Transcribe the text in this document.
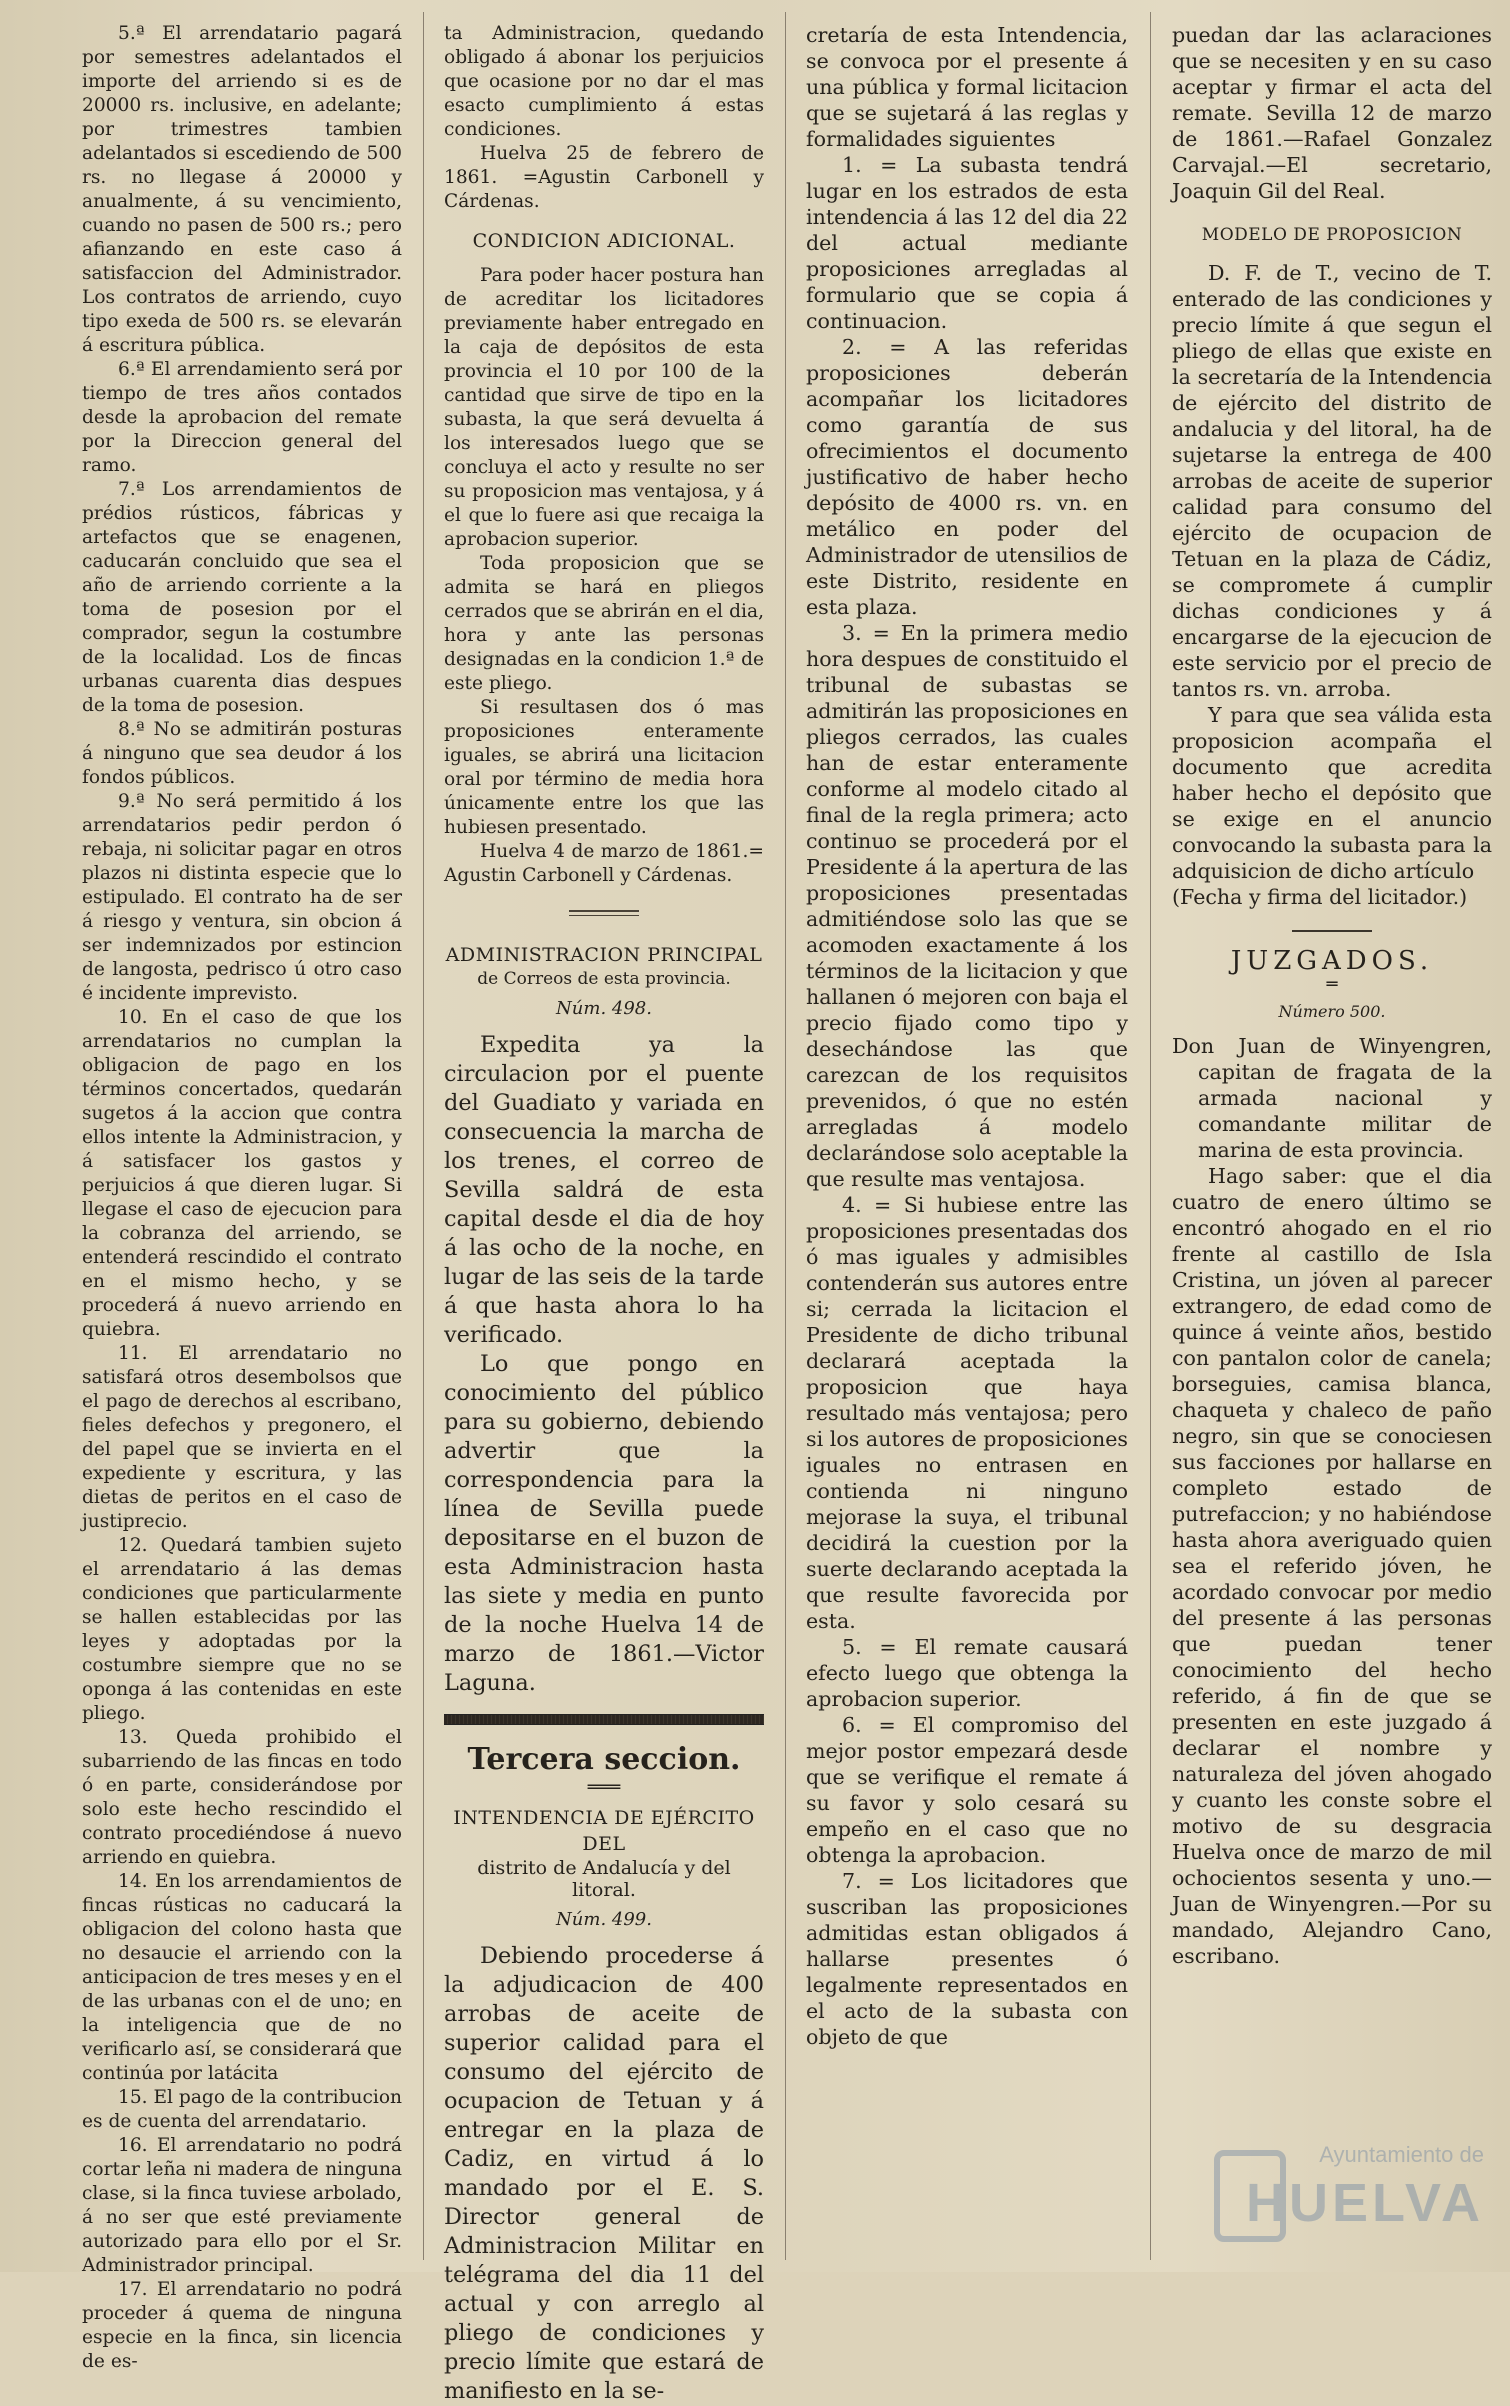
5.ª El arrendatario pagará por semestres adelantados el importe del arriendo si es de 20000 rs. inclusive, en adelante; por trimestres tambien adelantados si escediendo de 500 rs. no llegase á 20000 y anualmente, á su vencimiento, cuando no pasen de 500 rs.; pero afianzando en este caso á satisfaccion del Administrador. Los contratos de arriendo, cuyo tipo exeda de 500 rs. se elevarán á escritura pública.

6.ª El arrendamiento será por tiempo de tres años contados desde la aprobacion del remate por la Direccion general del ramo.

7.ª Los arrendamientos de prédios rústicos, fábricas y artefactos que se enagenen, caducarán concluido que sea el año de arriendo corriente a la toma de posesion por el comprador, segun la costumbre de la localidad. Los de fincas urbanas cuarenta dias despues de la toma de posesion.

8.ª No se admitirán posturas á ninguno que sea deudor á los fondos públicos.

9.ª No será permitido á los arrendatarios pedir perdon ó rebaja, ni solicitar pagar en otros plazos ni distinta especie que lo estipulado. El contrato ha de ser á riesgo y ventura, sin obcion á ser indemnizados por estincion de langosta, pedrisco ú otro caso é incidente imprevisto.

10. En el caso de que los arrendatarios no cumplan la obligacion de pago en los términos concertados, quedarán sugetos á la accion que contra ellos intente la Administracion, y á satisfacer los gastos y perjuicios á que dieren lugar. Si llegase el caso de ejecucion para la cobranza del arriendo, se entenderá rescindido el contrato en el mismo hecho, y se procederá á nuevo arriendo en quiebra.

11. El arrendatario no satisfará otros desembolsos que el pago de derechos al escribano, fieles defechos y pregonero, el del papel que se invierta en el expediente y escritura, y las dietas de peritos en el caso de justiprecio.

12. Quedará tambien sujeto el arrendatario á las demas condiciones que particularmente se hallen establecidas por las leyes y adoptadas por la costumbre siempre que no se oponga á las contenidas en este pliego.

13. Queda prohibido el subarriendo de las fincas en todo ó en parte, considerándose por solo este hecho rescindido el contrato procediéndose á nuevo arriendo en quiebra.

14. En los arrendamientos de fincas rústicas no caducará la obligacion del colono hasta que no desaucie el arriendo con la anticipacion de tres meses y en el de las urbanas con el de uno; en la inteligencia que de no verificarlo así, se considerará que continúa por latácita

15. El pago de la contribucion es de cuenta del arrendatario.

16. El arrendatario no podrá cortar leña ni madera de ninguna clase, si la finca tuviese arbolado, á no ser que esté previamente autorizado para ello por el Sr. Administrador principal.

17. El arrendatario no podrá proceder á quema de ninguna especie en la finca, sin licencia de es-

ta Administracion, quedando obligado á abonar los perjuicios que ocasione por no dar el mas esacto cumplimiento á estas condiciones.

Huelva 25 de febrero de 1861. =Agustin Carbonell y Cárdenas.

CONDICION ADICIONAL.

Para poder hacer postura han de acreditar los licitadores previamente haber entregado en la caja de depósitos de esta provincia el 10 por 100 de la cantidad que sirve de tipo en la subasta, la que será devuelta á los interesados luego que se concluya el acto y resulte no ser su proposicion mas ventajosa, y á el que lo fuere asi que recaiga la aprobacion superior.

Toda proposicion que se admita se hará en pliegos cerrados que se abrirán en el dia, hora y ante las personas designadas en la condicion 1.ª de este pliego.

Si resultasen dos ó mas proposiciones enteramente iguales, se abrirá una licitacion oral por término de media hora únicamente entre los que las hubiesen presentado.

Huelva 4 de marzo de 1861.= Agustin Carbonell y Cárdenas.

ADMINISTRACION PRINCIPAL
de Correos de esta provincia.
Núm. 498.

Expedita ya la circulacion por el puente del Guadiato y variada en consecuencia la marcha de los trenes, el correo de Sevilla saldrá de esta capital desde el dia de hoy á las ocho de la noche, en lugar de las seis de la tarde á que hasta ahora lo ha verificado.

Lo que pongo en conocimiento del público para su gobierno, debiendo advertir que la correspondencia para la línea de Sevilla puede depositarse en el buzon de esta Administracion hasta las siete y media en punto de la noche Huelva 14 de marzo de 1861.—Victor Laguna.

Tercera seccion.
═══
INTENDENCIA DE EJÉRCITO DEL
distrito de Andalucía y del litoral.
Núm. 499.

Debiendo procederse á la adjudicacion de 400 arrobas de aceite de superior calidad para el consumo del ejército de ocupacion de Tetuan y á entregar en la plaza de Cadiz, en virtud á lo mandado por el E. S. Director general de Administracion Militar en telégrama del dia 11 del actual y con arreglo al pliego de condiciones y precio límite que estará de manifiesto en la se-

cretaría de esta Intendencia, se convoca por el presente á una pública y formal licitacion que se sujetará á las reglas y formalidades siguientes

1. = La subasta tendrá lugar en los estrados de esta intendencia á las 12 del dia 22 del actual mediante proposiciones arregladas al formulario que se copia á continuacion.

2. = A las referidas proposiciones deberán acompañar los licitadores como garantía de sus ofrecimientos el documento justificativo de haber hecho depósito de 4000 rs. vn. en metálico en poder del Administrador de utensilios de este Distrito, residente en esta plaza.

3. = En la primera medio hora despues de constituido el tribunal de subastas se admitirán las proposiciones en pliegos cerrados, las cuales han de estar enteramente conforme al modelo citado al final de la regla primera; acto continuo se procederá por el Presidente á la apertura de las proposiciones presentadas admitiéndose solo las que se acomoden exactamente á los términos de la licitacion y que hallanen ó mejoren con baja el precio fijado como tipo y desechándose las que carezcan de los requisitos prevenidos, ó que no estén arregladas á modelo declarándose solo aceptable la que resulte mas ventajosa.

4. = Si hubiese entre las proposiciones presentadas dos ó mas iguales y admisibles contenderán sus autores entre si; cerrada la licitacion el Presidente de dicho tribunal declarará aceptada la proposicion que haya resultado más ventajosa; pero si los autores de proposiciones iguales no entrasen en contienda ni ninguno mejorase la suya, el tribunal decidirá la cuestion por la suerte declarando aceptada la que resulte favorecida por esta.

5. = El remate causará efecto luego que obtenga la aprobacion superior.

6. = El compromiso del mejor postor empezará desde que se verifique el remate á su favor y solo cesará su empeño en el caso que no obtenga la aprobacion.

7. = Los licitadores que suscriban las proposiciones admitidas estan obligados á hallarse presentes ó legalmente representados en el acto de la subasta con objeto de que

puedan dar las aclaraciones que se necesiten y en su caso aceptar y firmar el acta del remate. Sevilla 12 de marzo de 1861.—Rafael Gonzalez Carvajal.—El secretario, Joaquin Gil del Real.

MODELO DE PROPOSICION

D. F. de T., vecino de T. enterado de las condiciones y precio límite á que segun el pliego de ellas que existe en la secretaría de la Intendencia de ejército del distrito de andalucia y del litoral, ha de sujetarse la entrega de 400 arrobas de aceite de superior calidad para consumo del ejército de ocupacion de Tetuan en la plaza de Cádiz, se compromete á cumplir dichas condiciones y á encargarse de la ejecucion de este servicio por el precio de tantos rs. vn. arroba.

Y para que sea válida esta proposicion acompaña el documento que acredita haber hecho el depósito que se exige en el anuncio convocando la subasta para la adquisicion de dicho artículo

(Fecha y firma del licitador.)

JUZGADOS.
═
Número 500.

Don Juan de Winyengren, capitan de fragata de la armada nacional y comandante militar de marina de esta provincia.

Hago saber: que el dia cuatro de enero último se encontró ahogado en el rio frente al castillo de Isla Cristina, un jóven al parecer extrangero, de edad como de quince á veinte años, bestido con pantalon color de canela; borseguies, camisa blanca, chaqueta y chaleco de paño negro, sin que se conociesen sus facciones por hallarse en completo estado de putrefaccion; y no habiéndose hasta ahora averiguado quien sea el referido jóven, he acordado convocar por medio del presente á las personas que puedan tener conocimiento del hecho referido, á fin de que se presenten en este juzgado á declarar el nombre y naturaleza del jóven ahogado y cuanto les conste sobre el motivo de su desgracia Huelva once de marzo de mil ochocientos sesenta y uno.— Juan de Winyengren.—Por su mandado, Alejandro Cano, escribano.

Ayuntamiento de
HUELVA
